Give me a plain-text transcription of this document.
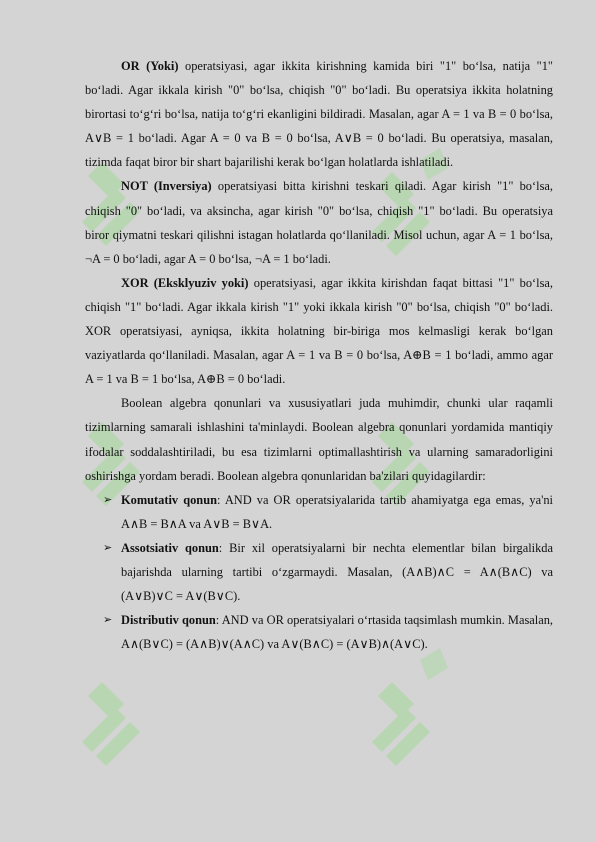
OR (Yoki) operatsiyasi, agar ikkita kirishning kamida biri "1" bo‘lsa, natija "1" bo‘ladi. Agar ikkala kirish "0" bo‘lsa, chiqish "0" bo‘ladi. Bu operatsiya ikkita holatning birortasi to‘g‘ri bo‘lsa, natija to‘g‘ri ekanligini bildiradi. Masalan, agar A = 1 va B = 0 bo‘lsa, A∨B = 1 bo‘ladi. Agar A = 0 va B = 0 bo‘lsa, A∨B = 0 bo‘ladi. Bu operatsiya, masalan, tizimda faqat biror bir shart bajarilishi kerak bo‘lgan holatlarda ishlatiladi.

NOT (Inversiya) operatsiyasi bitta kirishni teskari qiladi. Agar kirish "1" bo‘lsa, chiqish "0" bo‘ladi, va aksincha, agar kirish "0" bo‘lsa, chiqish "1" bo‘ladi. Bu operatsiya biror qiymatni teskari qilishni istagan holatlarda qo‘llaniladi. Misol uchun, agar A = 1 bo‘lsa, ¬A = 0 bo‘ladi, agar A = 0 bo‘lsa, ¬A = 1 bo‘ladi.

XOR (Eksklyuziv yoki) operatsiyasi, agar ikkita kirishdan faqat bittasi "1" bo‘lsa, chiqish "1" bo‘ladi. Agar ikkala kirish "1" yoki ikkala kirish "0" bo‘lsa, chiqish "0" bo‘ladi. XOR operatsiyasi, ayniqsa, ikkita holatning bir-biriga mos kelmasligi kerak bo‘lgan vaziyatlarda qo‘llaniladi. Masalan, agar A = 1 va B = 0 bo‘lsa, A⊕B = 1 bo‘ladi, ammo agar A = 1 va B = 1 bo‘lsa, A⊕B = 0 bo‘ladi.

Boolean algebra qonunlari va xususiyatlari juda muhimdir, chunki ular raqamli tizimlarning samarali ishlashini ta'minlaydi. Boolean algebra qonunlari yordamida mantiqiy ifodalar soddalashtiriladi, bu esa tizimlarni optimallashtirish va ularning samaradorligini oshirishga yordam beradi. Boolean algebra qonunlaridan ba'zilari quyidagilardir:

➢ Komutativ qonun: AND va OR operatsiyalarida tartib ahamiyatga ega emas, ya'ni A∧B = B∧A va A∨B = B∨A.
➢ Assotsiativ qonun: Bir xil operatsiyalarni bir nechta elementlar bilan birgalikda bajarishda ularning tartibi o‘zgarmaydi. Masalan, (A∧B)∧C = A∧(B∧C) va (A∨B)∨C = A∨(B∨C).
➢ Distributiv qonun: AND va OR operatsiyalari o‘rtasida taqsimlash mumkin. Masalan, A∧(B∨C) = (A∧B)∨(A∧C) va A∨(B∧C) = (A∨B)∧(A∨C).
